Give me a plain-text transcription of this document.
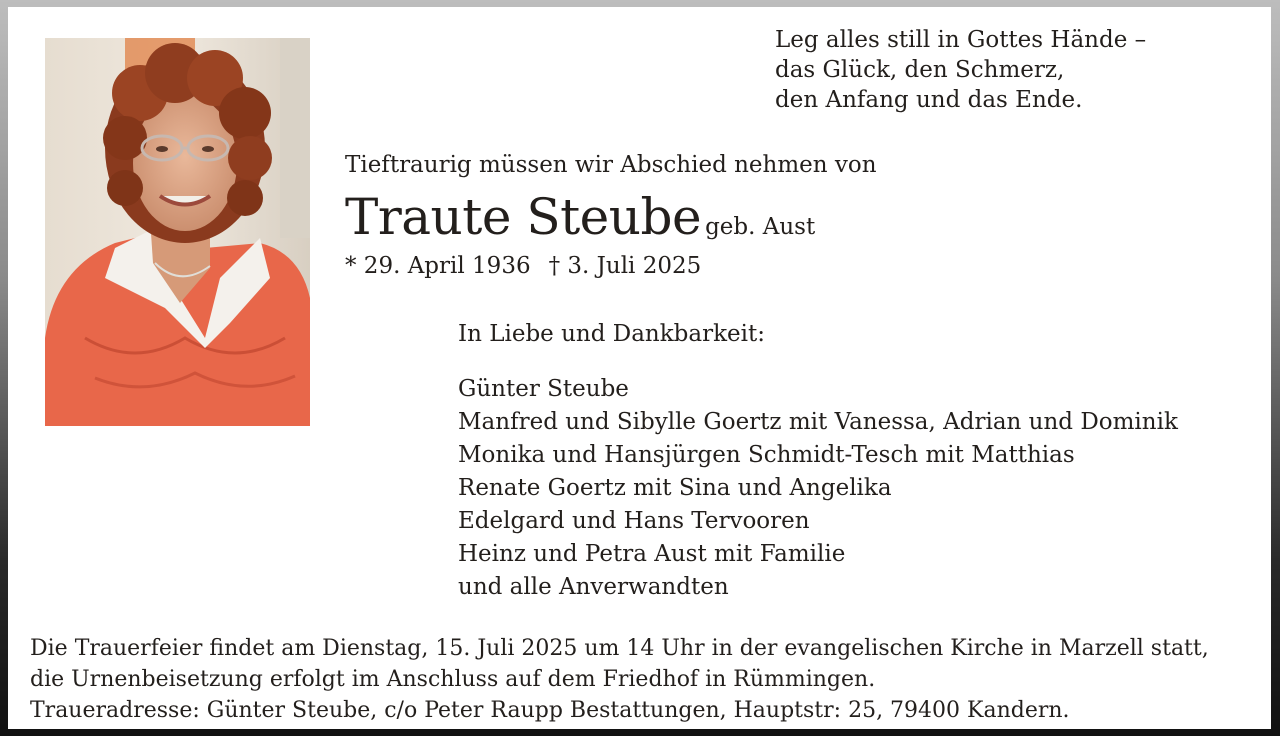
Leg alles still in Gottes Hände –
das Glück, den Schmerz,
den Anfang und das Ende.
Tieftraurig müssen wir Abschied nehmen von
Traute Steube geb. Aust
* 29. April 1936 † 3. Juli 2025
In Liebe und Dankbarkeit:
Günter Steube
Manfred und Sibylle Goertz mit Vanessa, Adrian und Dominik
Monika und Hansjürgen Schmidt-Tesch mit Matthias
Renate Goertz mit Sina und Angelika
Edelgard und Hans Tervooren
Heinz und Petra Aust mit Familie
und alle Anverwandten
Die Trauerfeier findet am Dienstag, 15. Juli 2025 um 14 Uhr in der evangelischen Kirche in Marzell statt,
die Urnenbeisetzung erfolgt im Anschluss auf dem Friedhof in Rümmingen.
Traueradresse: Günter Steube, c/o Peter Raupp Bestattungen, Hauptstr: 25, 79400 Kandern.
